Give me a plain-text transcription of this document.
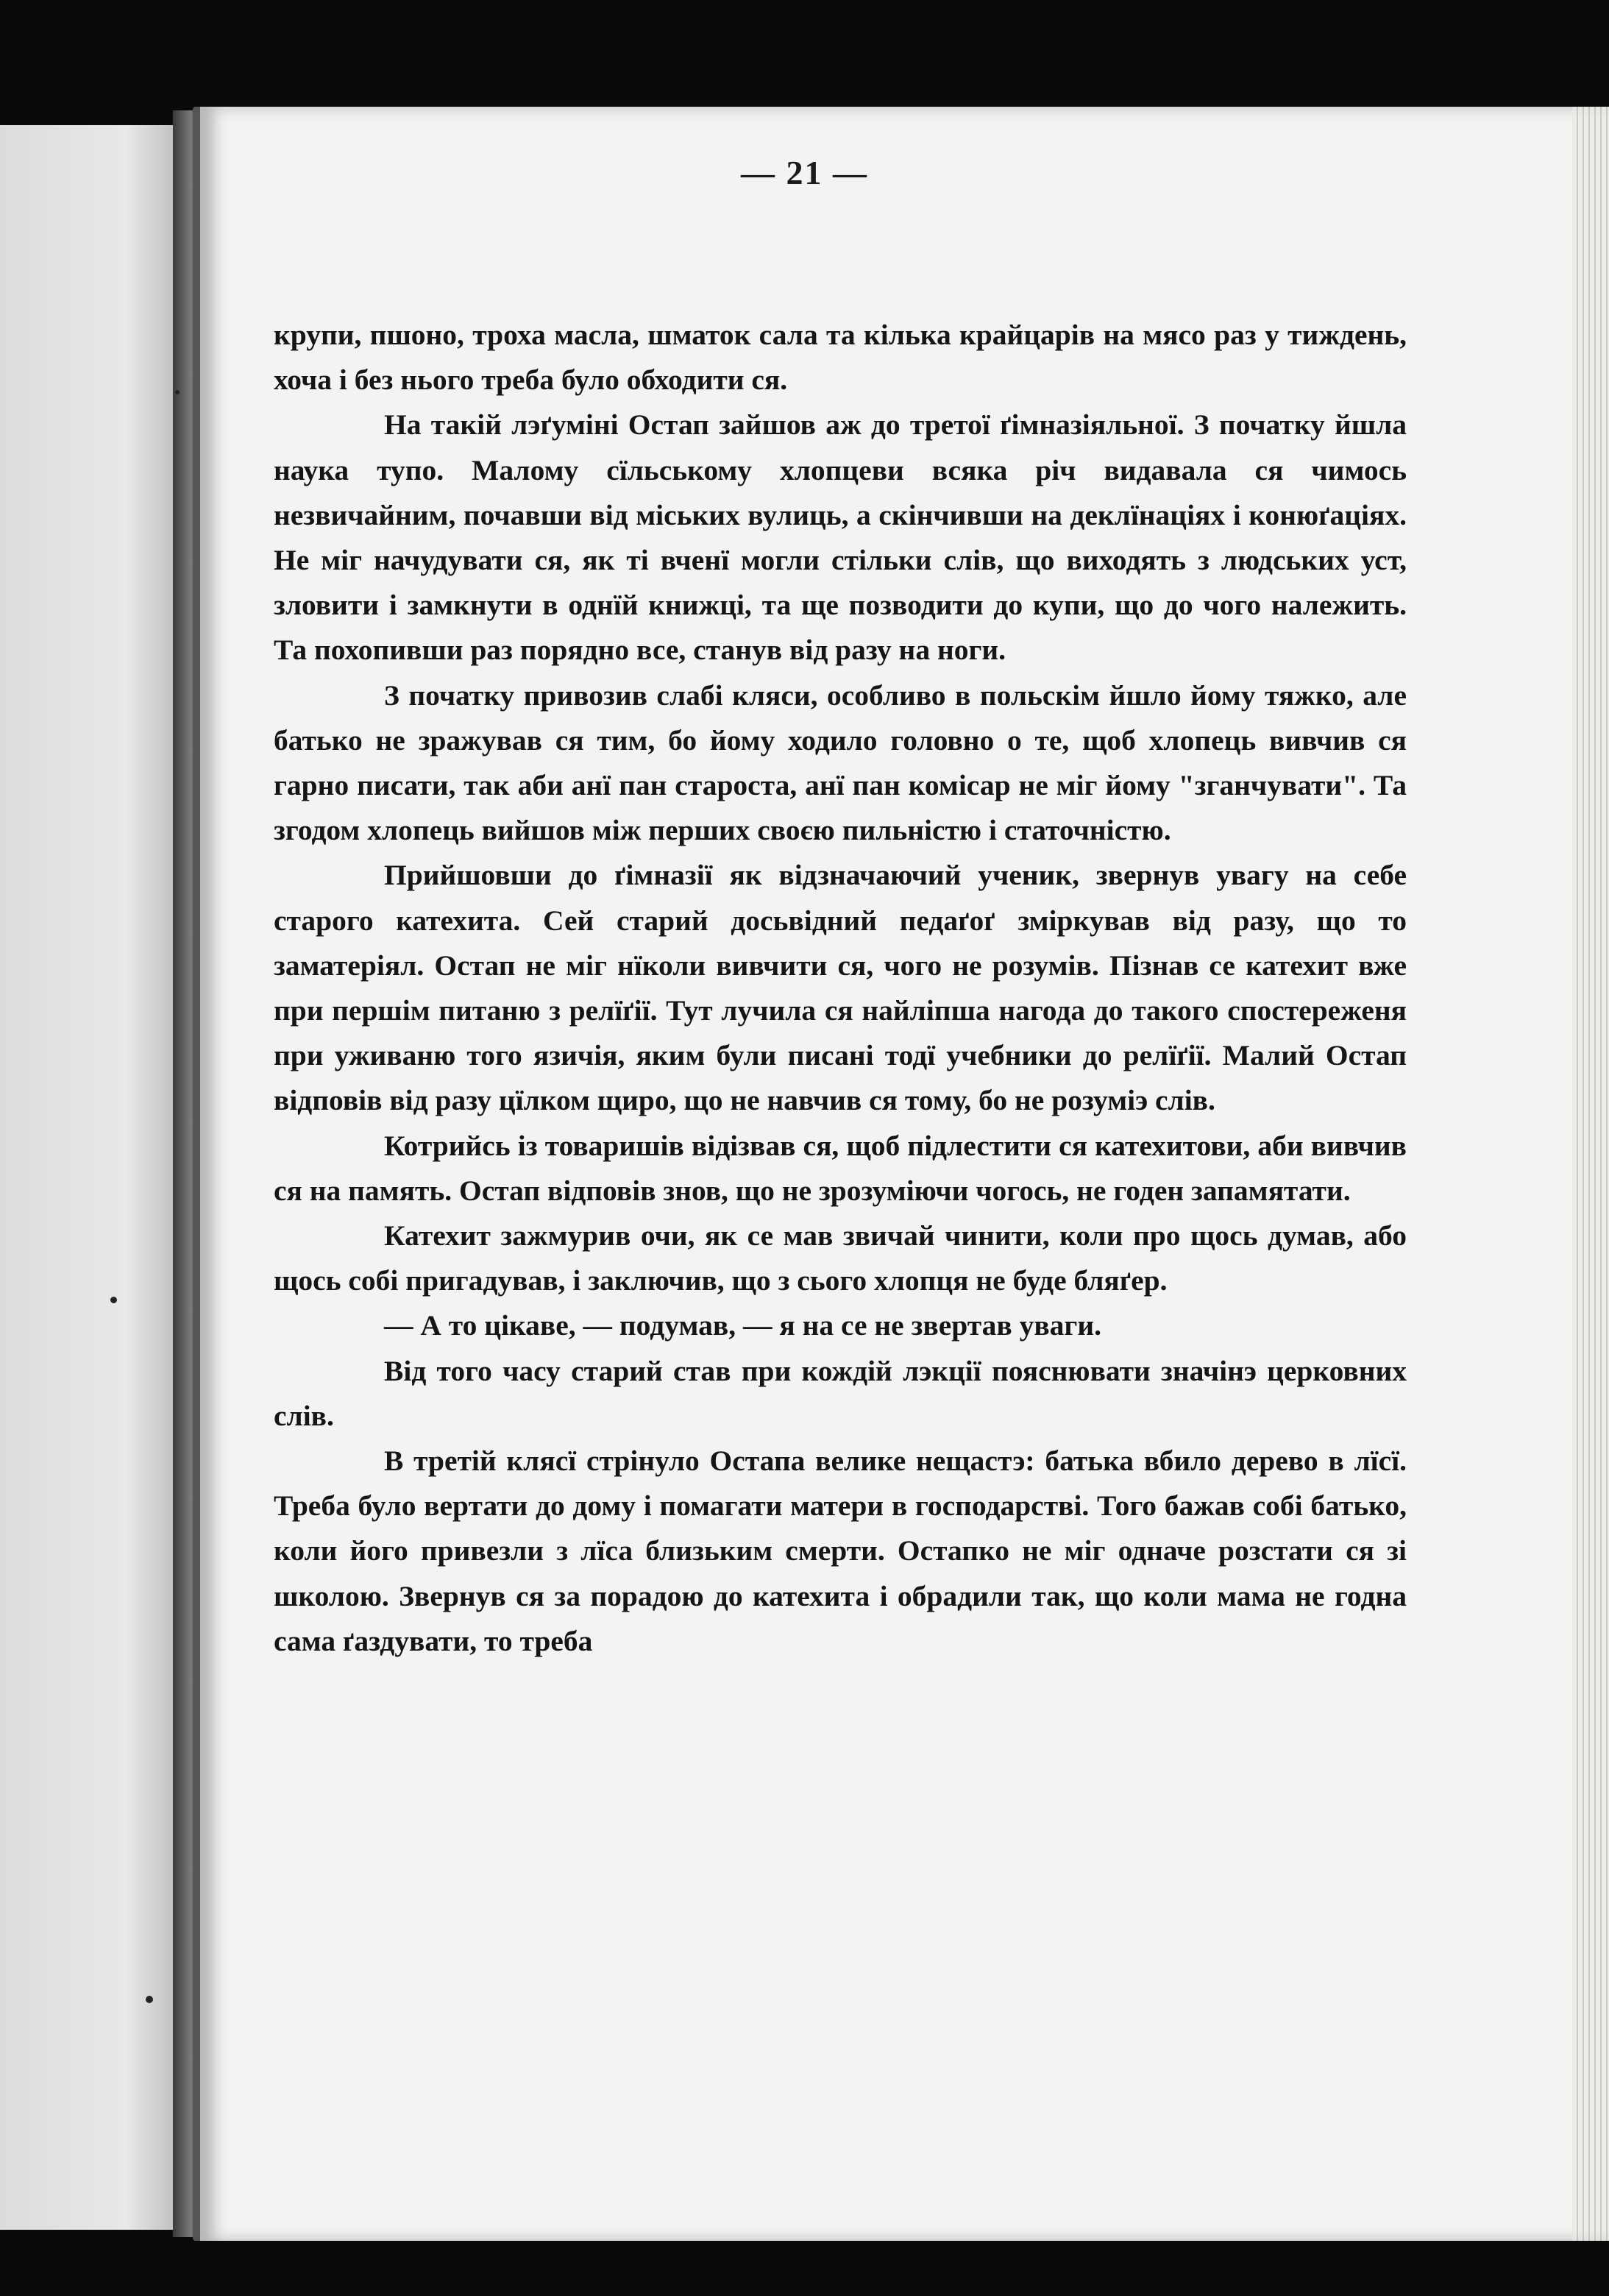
— 21 —

крупи, пшоно, троха масла, шматок сала та кілька крайцарів на мясо раз у тиждень, хоча і без нього треба було обходити ся.

На такій лэґуміні Остап зайшов аж до третої ґімназіяльної. З початку йшла наука тупо. Малому сїльському хлопцеви всяка річ видавала ся чимось незвичайним, почавши від міських вулиць, а скінчивши на деклїнаціях і конюґаціях. Не міг начудувати ся, як ті вченї могли стільки слів, що виходять з людських уст, зловити і замкнути в однїй книжці, та ще позводити до купи, що до чого належить. Та похопивши раз порядно все, станув від разу на ноги.

З початку привозив слабі кляси, особливо в польскім йшло йому тяжко, але батько не зражував ся тим, бо йому ходило головно о те, щоб хлопець вивчив ся гарно писати, так аби анї пан староста, анї пан комісар не міг йому "зганчувати". Та згодом хлопець вийшов між перших своєю пильністю і статочністю.

Прийшовши до ґімназії як відзначаючий ученик, звернув увагу на себе старого катехита. Сей старий досьвідний педаґоґ зміркував від разу, що то заматеріял. Остап не міг нїколи вивчити ся, чого не розумів. Пізнав се катехит вже при першім питаню з релїґії. Тут лучила ся найліпша нагода до такого спостереженя при уживаню того язичія, яким були писані тодї учебники до релїґії. Малий Остап відповів від разу цїлком щиро, що не навчив ся тому, бо не розуміэ слів.

Котрийсь із товаришів відізвав ся, щоб підлестити ся катехитови, аби вивчив ся на память. Остап відповів знов, що не зрозуміючи чогось, не годен запамятати.

Катехит зажмурив очи, як се мав звичай чинити, коли про щось думав, або щось собі пригадував, і заключив, що з сього хлопця не буде бляґер.

— А то цікаве, — подумав, — я на се не звертав уваги.

Від того часу старий став при кождій лэкції пояснювати значінэ церковних слів.

В третій клясї стрінуло Остапа велике нещастэ: батька вбило дерево в лїсї. Треба було вертати до дому і помагати матери в господарстві. Того бажав собі батько, коли його привезли з лїса близьким смерти. Остапко не міг одначе розстати ся зі школою. Звернув ся за порадою до катехита і обрадили так, що коли мама не годна сама ґаздувати, то треба
